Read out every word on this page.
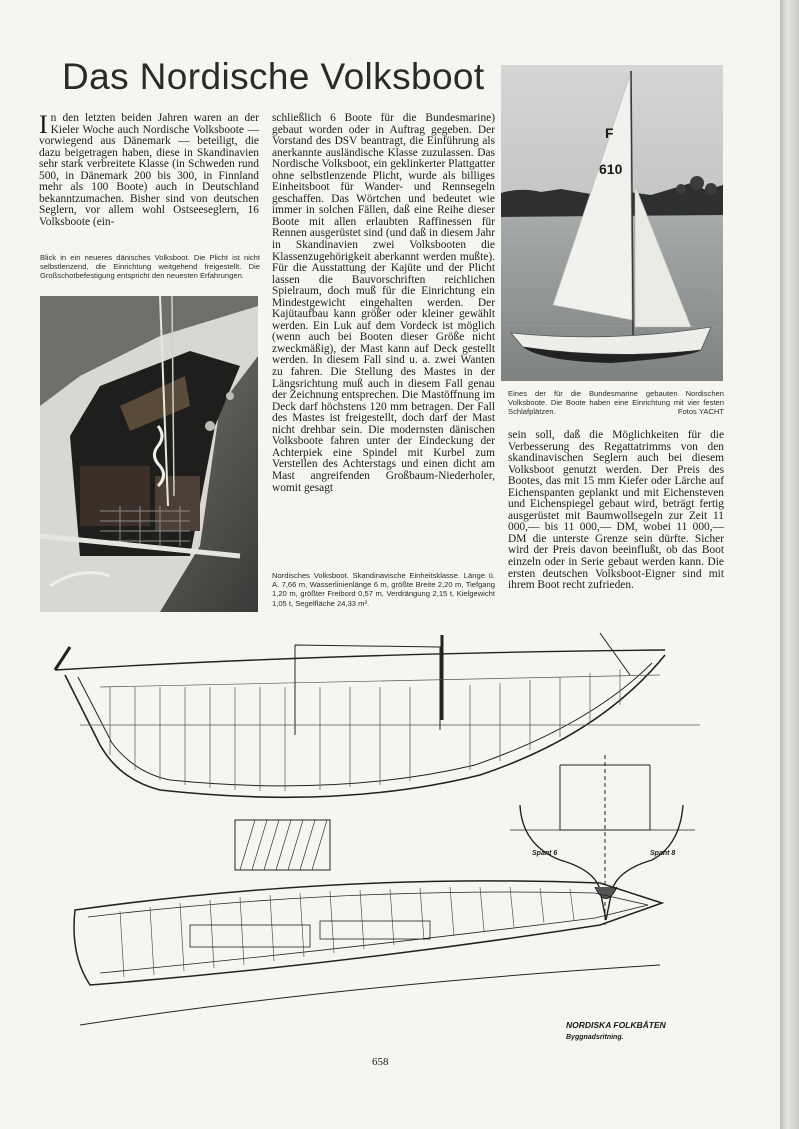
Das Nordische Volksboot
In den letzten beiden Jahren waren an der Kieler Woche auch Nordische Volksboote — vorwiegend aus Dänemark — beteiligt, die dazu beigetragen haben, diese in Skandinavien sehr stark verbreitete Klasse (in Schweden rund 500, in Dänemark 200 bis 300, in Finnland mehr als 100 Boote) auch in Deutschland bekanntzumachen. Bisher sind von deutschen Seglern, vor allem wohl Ostseeseglern, 16 Volksboote (ein-
Blick in ein neueres dänisches Volksboot. Die Plicht ist nicht selbstlenzend, die Einrichtung weitgehend freigestellt. Die Großschotbefestigung entspricht den neuesten Erfahrungen.
schließlich 6 Boote für die Bundesmarine) gebaut worden oder in Auftrag gegeben. Der Vorstand des DSV beantragt, die Einführung als anerkannte ausländische Klasse zuzulassen. Das Nordische Volksboot, ein geklinkerter Plattgatter ohne selbstlenzende Plicht, wurde als billiges Einheitsboot für Wander- und Rennsegeln geschaffen. Das Wörtchen und bedeutet wie immer in solchen Fällen, daß eine Reihe dieser Boote mit allen erlaubten Raffinessen für Rennen ausgerüstet sind (und daß in diesem Jahr in Skandinavien zwei Volksbooten die Klassenzugehörigkeit aberkannt werden mußte). Für die Ausstattung der Kajüte und der Plicht lassen die Bauvorschriften reichlichen Spielraum, doch muß für die Einrichtung ein Mindestgewicht eingehalten werden. Der Kajütaufbau kann größer oder kleiner gewählt werden. Ein Luk auf dem Vordeck ist möglich (wenn auch bei Booten dieser Größe nicht zweckmäßig), der Mast kann auf Deck gestellt werden. In diesem Fall sind u. a. zwei Wanten zu fahren. Die Stellung des Mastes in der Längsrichtung muß auch in diesem Fall genau der Zeichnung entsprechen. Die Mastöffnung im Deck darf höchstens 120 mm betragen. Der Fall des Mastes ist freigestellt, doch darf der Mast nicht drehbar sein. Die modernsten dänischen Volksboote fahren unter der Eindeckung der Achterpiek eine Spindel mit Kurbel zum Verstellen des Achterstags und einen dicht am Mast angreifenden Großbaum-Niederholer, womit gesagt
Nordisches Volksboot. Skandinavische Einheitsklasse. Länge ü. A. 7,66 m, Wasserlinienlänge 6 m, größte Breite 2,20 m, Tiefgang 1,20 m, größter Freibord 0,57 m, Verdrängung 2,15 t, Kielgewicht 1,05 t, Segelfläche 24,33 m².
F
610
Eines der für die Bundesmarine gebauten Nordischen Volksboote. Die Boote haben eine Einrichtung mit vier festen Schlafplätzen.	Fotos YACHT
sein soll, daß die Möglichkeiten für die Verbesserung des Regattatrimms von den skandinavischen Seglern auch bei diesem Volksboot genutzt werden. Der Preis des Bootes, das mit 15 mm Kiefer oder Lärche auf Eichenspanten geplankt und mit Eichensteven und Eichenspiegel gebaut wird, beträgt fertig ausgerüstet mit Baumwollsegeln zur Zeit 11 000,— bis 11 000,— DM, wobei 11 000,— DM die unterste Grenze sein dürfte. Sicher wird der Preis davon beeinflußt, ob das Boot einzeln oder in Serie gebaut werden kann. Die ersten deutschen Volksboot-Eigner sind mit ihrem Boot recht zufrieden.
NORDISKA FOLKBÅTEN
Byggnadsritning.
Spant 6	Spant 8
658
